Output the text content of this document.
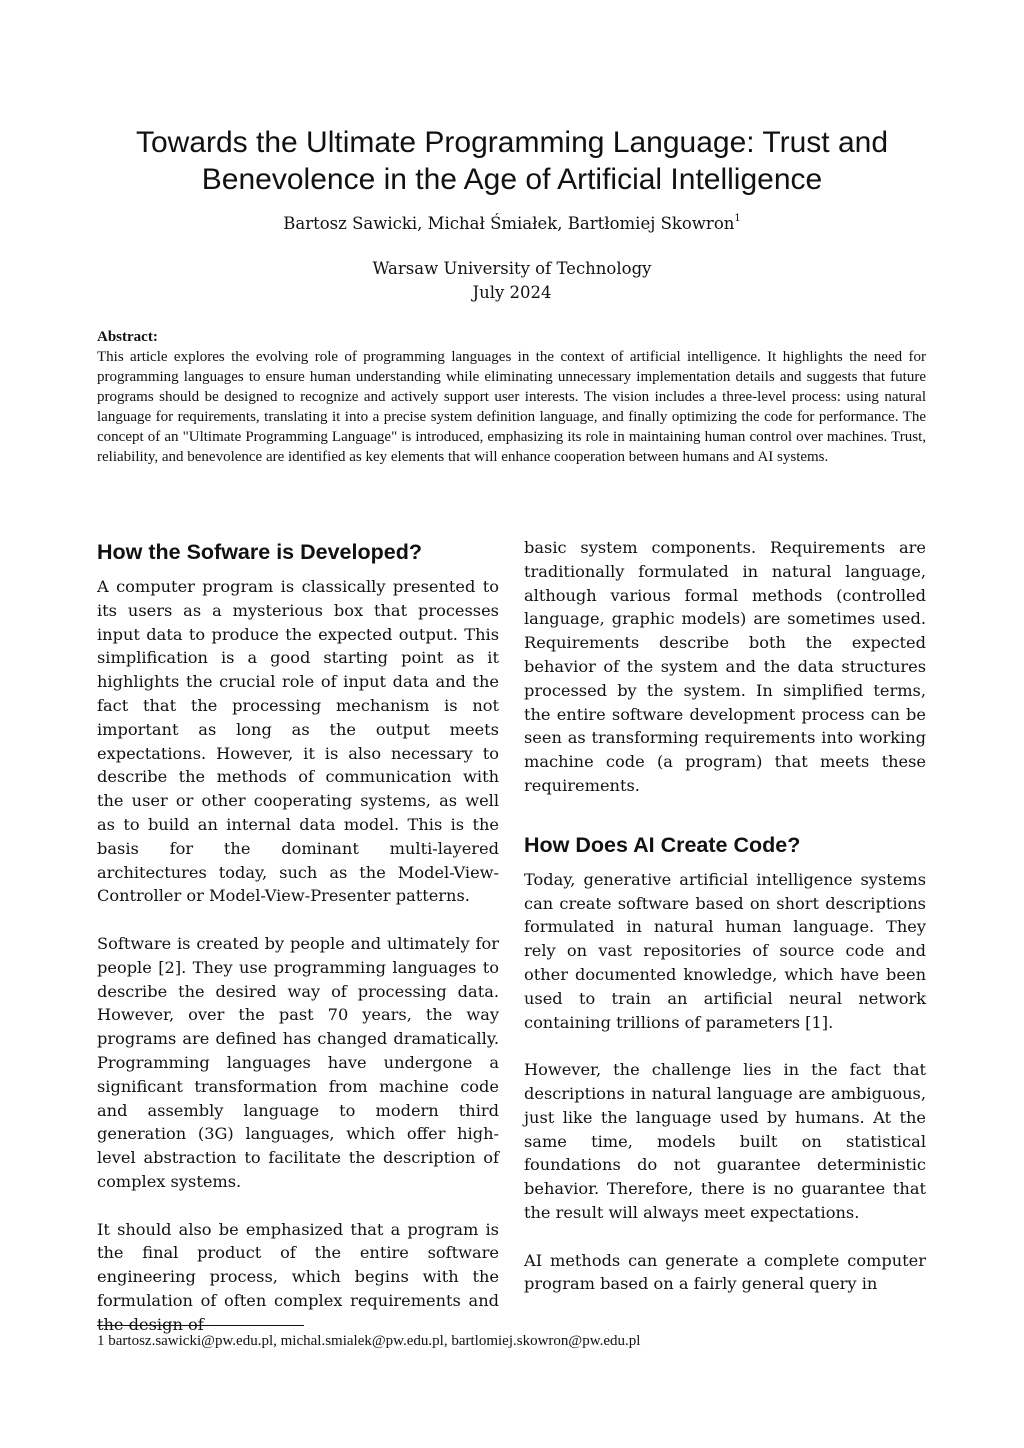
Towards the Ultimate Programming Language: Trust and Benevolence in the Age of Artificial Intelligence
Bartosz Sawicki, Michał Śmiałek, Bartłomiej Skowron$^1$
Warsaw University of Technology
July 2024
Abstract:
This article explores the evolving role of programming languages in the context of artificial intelligence. It highlights the need for programming languages to ensure human understanding while eliminating unnecessary implementation details and suggests that future programs should be designed to recognize and actively support user interests. The vision includes a three-level process: using natural language for requirements, translating it into a precise system definition language, and finally optimizing the code for performance. The concept of an "Ultimate Programming Language" is introduced, emphasizing its role in maintaining human control over machines. Trust, reliability, and benevolence are identified as key elements that will enhance cooperation between humans and AI systems.
How the Sofware is Developed?

A computer program is classically presented to its users as a mysterious box that processes input data to produce the expected output. This simplification is a good starting point as it highlights the crucial role of input data and the fact that the processing mechanism is not important as long as the output meets expectations. However, it is also necessary to describe the methods of communication with the user or other cooperating systems, as well as to build an internal data model. This is the basis for the dominant multi-layered architectures today, such as the Model-View-Controller or Model-View-Presenter patterns.

Software is created by people and ultimately for people [2]. They use programming languages to describe the desired way of processing data. However, over the past 70 years, the way programs are defined has changed dramatically. Programming languages have undergone a significant transformation from machine code and assembly language to modern third generation (3G) languages, which offer high-level abstraction to facilitate the description of complex systems.

It should also be emphasized that a program is the final product of the entire software engineering process, which begins with the formulation of often complex requirements and the design of

basic system components. Requirements are traditionally formulated in natural language, although various formal methods (controlled language, graphic models) are sometimes used. Requirements describe both the expected behavior of the system and the data structures processed by the system. In simplified terms, the entire software development process can be seen as transforming requirements into working machine code (a program) that meets these requirements.

How Does AI Create Code?

Today, generative artificial intelligence systems can create software based on short descriptions formulated in natural human language. They rely on vast repositories of source code and other documented knowledge, which have been used to train an artificial neural network containing trillions of parameters [1].

However, the challenge lies in the fact that descriptions in natural language are ambiguous, just like the language used by humans. At the same time, models built on statistical foundations do not guarantee deterministic behavior. Therefore, there is no guarantee that the result will always meet expectations.

AI methods can generate a complete computer program based on a fairly general query in

1 bartosz.sawicki@pw.edu.pl, michal.smialek@pw.edu.pl, bartlomiej.skowron@pw.edu.pl
